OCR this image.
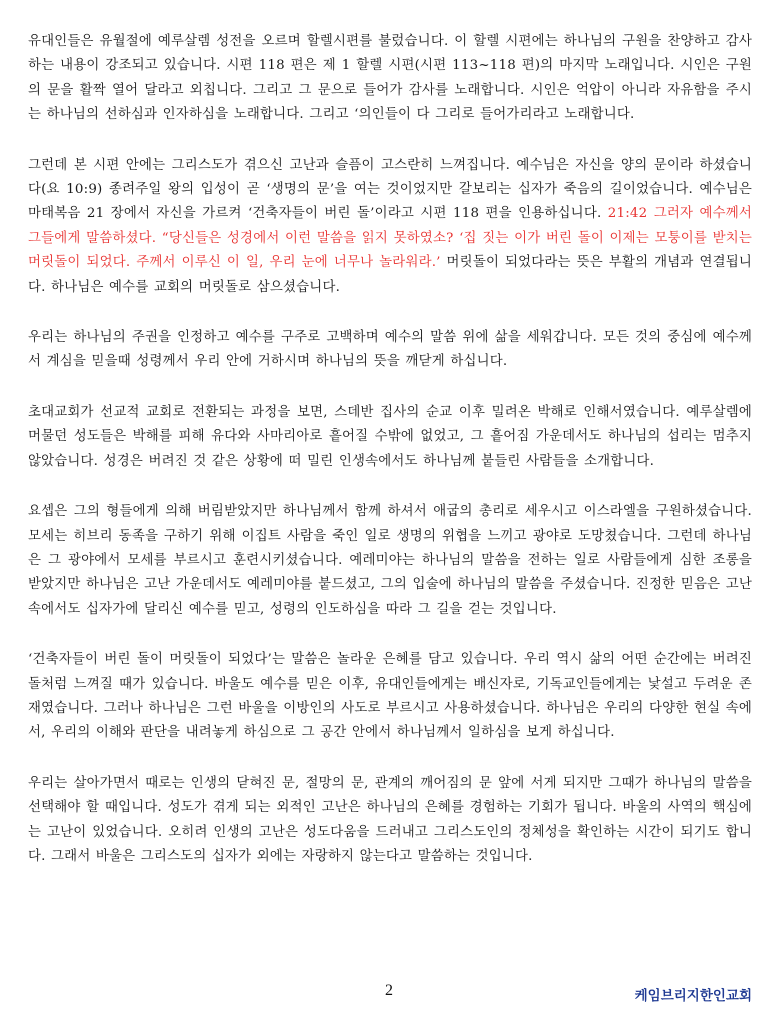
유대인들은 유월절에 예루살렘 성전을 오르며 할렐시편를 불렀습니다. 이 할렐 시편에는 하나님의 구원을 찬양하고 감사하는 내용이 강조되고 있습니다. 시편 118 편은 제 1 할렐 시편(시편 113~118 편)의 마지막 노래입니다. 시인은 구원의 문을 활짝 열어 달라고 외칩니다. 그리고 그 문으로 들어가 감사를 노래합니다. 시인은 억압이 아니라 자유함을 주시는 하나님의 선하심과 인자하심을 노래합니다. 그리고 ‘의인들이 다 그리로 들어가리라고 노래합니다.

그런데 본 시편 안에는 그리스도가 겪으신 고난과 슬픔이 고스란히 느껴집니다. 예수님은 자신을 양의 문이라 하셨습니다(요 10:9) 종려주일 왕의 입성이 곧 ‘생명의 문’을 여는 것이었지만 갈보리는 십자가 죽음의 길이었습니다. 예수님은 마태복음 21 장에서 자신을 가르켜 ‘건축자들이 버린 돌’이라고 시편 118 편을 인용하십니다. 21:42 그러자 예수께서 그들에게 말씀하셨다. “당신들은 성경에서 이런 말씀을 읽지 못하였소? ‘집 짓는 이가 버린 돌이 이제는 모퉁이를 받치는 머릿돌이 되었다. 주께서 이루신 이 일, 우리 눈에 너무나 놀라워라.’ 머릿돌이 되었다라는 뜻은 부활의 개념과 연결됩니다. 하나님은 예수를 교회의 머릿돌로 삼으셨습니다.

우리는 하나님의 주권을 인정하고 예수를 구주로 고백하며 예수의 말씀 위에 삶을 세워갑니다. 모든 것의 중심에 예수께서 계심을 믿을때 성령께서 우리 안에 거하시며 하나님의 뜻을 깨닫게 하십니다.

초대교회가 선교적 교회로 전환되는 과정을 보면, 스데반 집사의 순교 이후 밀려온 박해로 인해서였습니다. 예루살렘에 머물던 성도들은 박해를 피해 유다와 사마리아로 흩어질 수밖에 없었고, 그 흩어짐 가운데서도 하나님의 섭리는 멈추지 않았습니다. 성경은 버려진 것 같은 상황에 떠 밀린 인생속에서도 하나님께 붙들린 사람들을 소개합니다.

요셉은 그의 형들에게 의해 버림받았지만 하나님께서 함께 하셔서 애굽의 총리로 세우시고 이스라엘을 구원하셨습니다. 모세는 히브리 동족을 구하기 위해 이집트 사람을 죽인 일로 생명의 위협을 느끼고 광야로 도망쳤습니다. 그런데 하나님은 그 광야에서 모세를 부르시고 훈련시키셨습니다. 예레미야는 하나님의 말씀을 전하는 일로 사람들에게 심한 조롱을 받았지만 하나님은 고난 가운데서도 예레미야를 붙드셨고, 그의 입술에 하나님의 말씀을 주셨습니다. 진정한 믿음은 고난 속에서도 십자가에 달리신 예수를 믿고, 성령의 인도하심을 따라 그 길을 걷는 것입니다.

‘건축자들이 버린 돌이 머릿돌이 되었다’는 말씀은 놀라운 은혜를 담고 있습니다. 우리 역시 삶의 어떤 순간에는 버려진 돌처럼 느껴질 때가 있습니다. 바울도 예수를 믿은 이후, 유대인들에게는 배신자로, 기독교인들에게는 낯설고 두려운 존재였습니다. 그러나 하나님은 그런 바울을 이방인의 사도로 부르시고 사용하셨습니다. 하나님은 우리의 다양한 현실 속에서, 우리의 이해와 판단을 내려놓게 하심으로 그 공간 안에서 하나님께서 일하심을 보게 하십니다.

우리는 살아가면서 때로는 인생의 닫혀진 문, 절망의 문, 관계의 깨어짐의 문 앞에 서게 되지만 그때가 하나님의 말씀을 선택해야 할 때입니다. 성도가 겪게 되는 외적인 고난은 하나님의 은혜를 경험하는 기회가 됩니다. 바울의 사역의 핵심에는 고난이 있었습니다. 오히려 인생의 고난은 성도다움을 드러내고 그리스도인의 정체성을 확인하는 시간이 되기도 합니다. 그래서 바울은 그리스도의 십자가 외에는 자랑하지 않는다고 말씀하는 것입니다.

2	케임브리지한인교회
